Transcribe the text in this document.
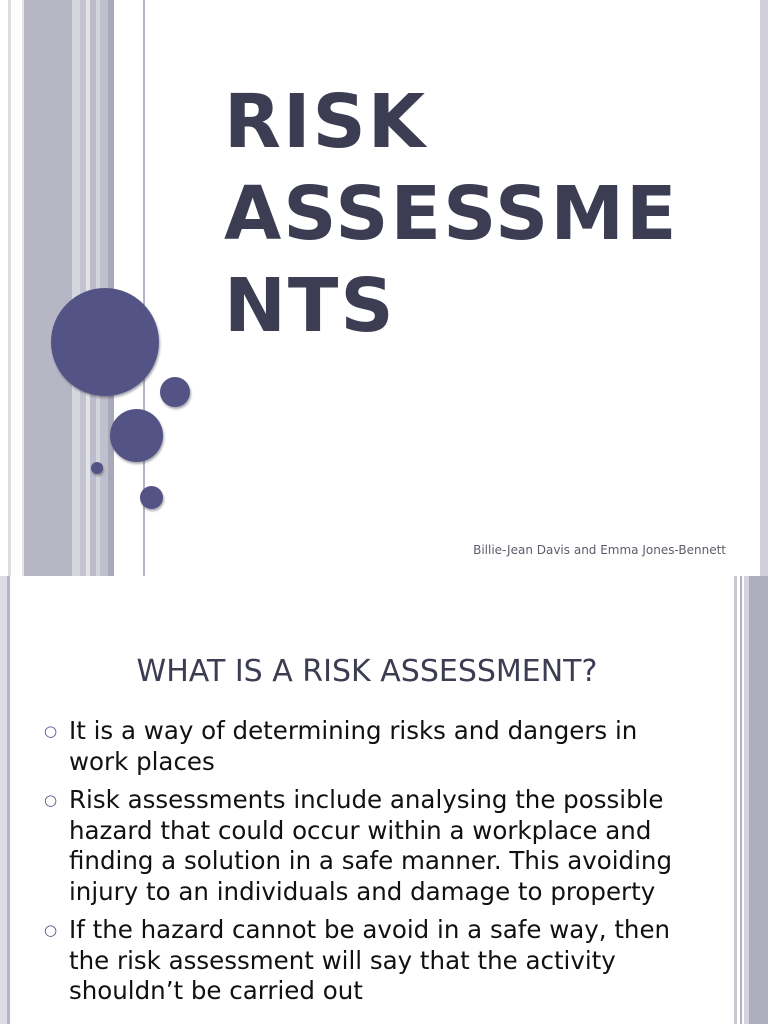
RISK
ASSESSME
NTS
Billie-Jean Davis and Emma Jones-Bennett
WHAT IS A RISK ASSESSMENT?
○ It is a way of determining risks and dangers in work places
○ Risk assessments include analysing the possible hazard that could occur within a workplace and finding a solution in a safe manner. This avoiding injury to an individuals and damage to property
○ If the hazard cannot be avoid in a safe way, then the risk assessment will say that the activity shouldn’t be carried out
